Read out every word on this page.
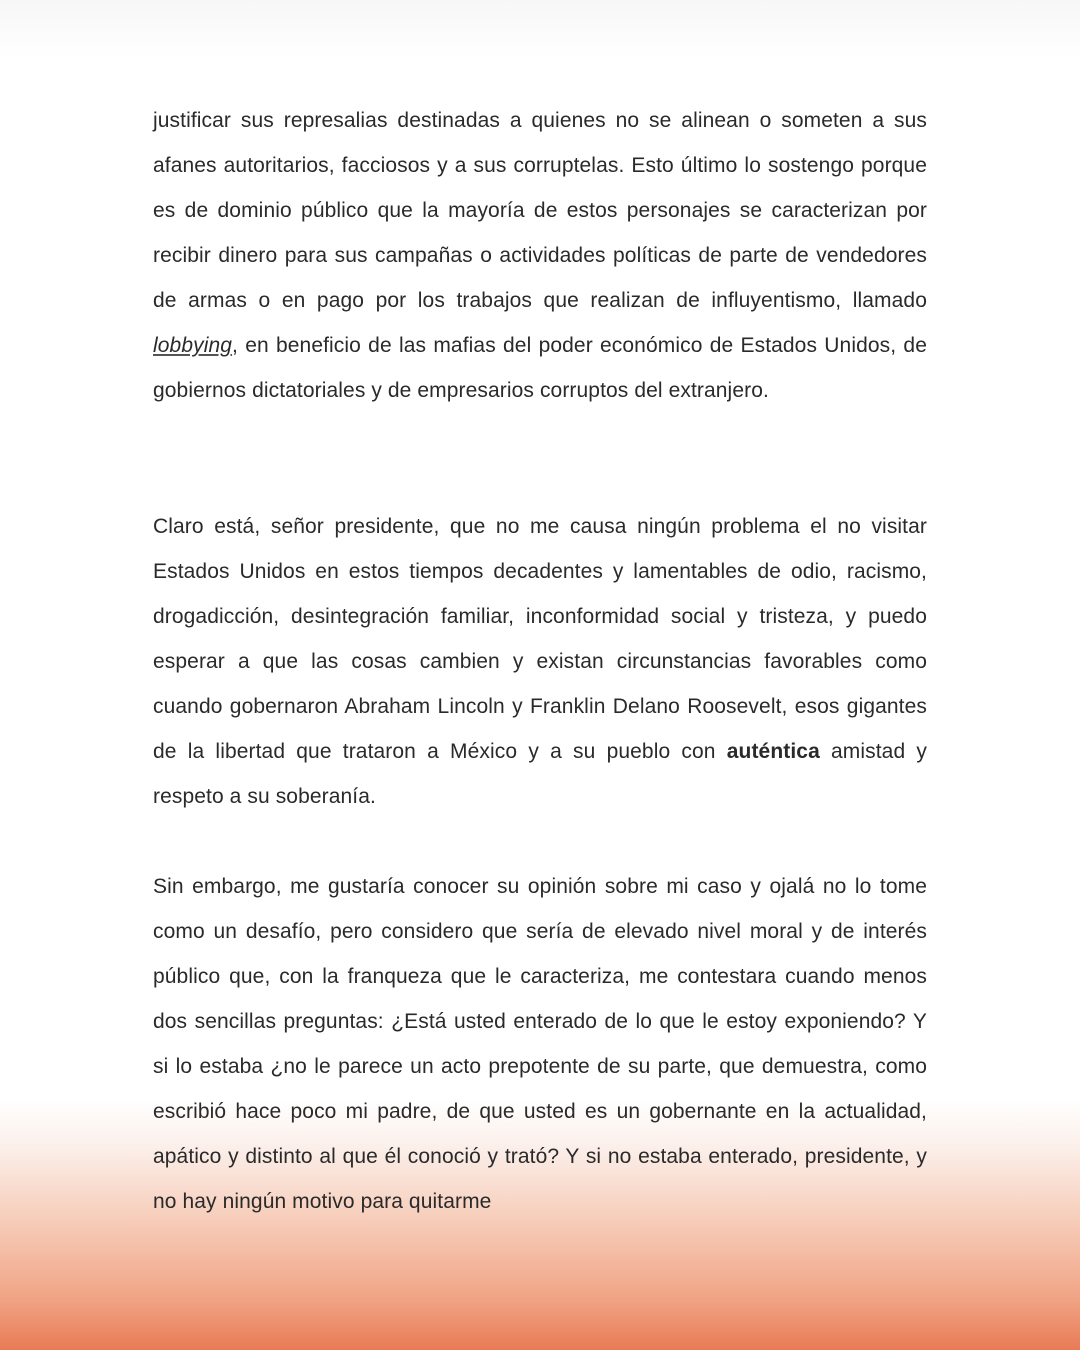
justificar sus represalias destinadas a quienes no se alinean o someten a sus afanes autoritarios, facciosos y a sus corruptelas. Esto último lo sostengo porque es de dominio público que la mayoría de estos personajes se caracterizan por recibir dinero para sus campañas o actividades políticas de parte de vendedores de armas o en pago por los trabajos que realizan de influyentismo, llamado lobbying, en beneficio de las mafias del poder económico de Estados Unidos, de gobiernos dictatoriales y de empresarios corruptos del extranjero.

Claro está, señor presidente, que no me causa ningún problema el no visitar Estados Unidos en estos tiempos decadentes y lamentables de odio, racismo, drogadicción, desintegración familiar, inconformidad social y tristeza, y puedo esperar a que las cosas cambien y existan circunstancias favorables como cuando gobernaron Abraham Lincoln y Franklin Delano Roosevelt, esos gigantes de la libertad que trataron a México y a su pueblo con auténtica amistad y respeto a su soberanía.

Sin embargo, me gustaría conocer su opinión sobre mi caso y ojalá no lo tome como un desafío, pero considero que sería de elevado nivel moral y de interés público que, con la franqueza que le caracteriza, me contestara cuando menos dos sencillas preguntas: ¿Está usted enterado de lo que le estoy exponiendo? Y si lo estaba ¿no le parece un acto prepotente de su parte, que demuestra, como escribió hace poco mi padre, de que usted es un gobernante en la actualidad, apático y distinto al que él conoció y trató? Y si no estaba enterado, presidente, y no hay ningún motivo para quitarme
